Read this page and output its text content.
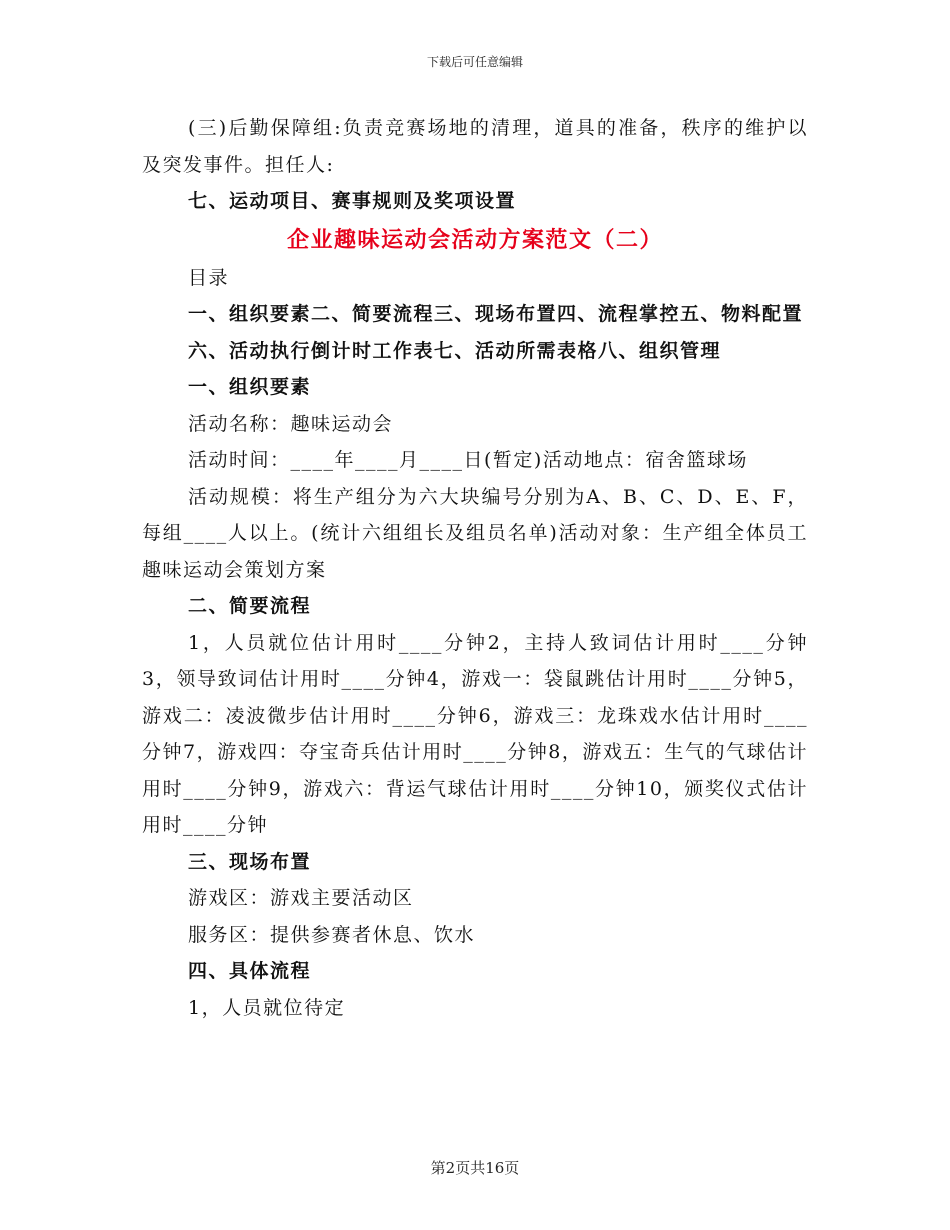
下载后可任意编辑

(三)后勤保障组:负责竞赛场地的清理，道具的准备，秩序的维护以及突发事件。担任人:

七、运动项目、赛事规则及奖项设置

企业趣味运动会活动方案范文（二）

目录

一、组织要素二、简要流程三、现场布置四、流程掌控五、物料配置

六、活动执行倒计时工作表七、活动所需表格八、组织管理

一、组织要素

活动名称：趣味运动会

活动时间：____年____月____日(暂定)活动地点：宿舍篮球场

活动规模：将生产组分为六大块编号分别为A、B、C、D、E、F，每组____人以上。(统计六组组长及组员名单)活动对象：生产组全体员工趣味运动会策划方案

二、简要流程

1，人员就位估计用时____分钟2，主持人致词估计用时____分钟3，领导致词估计用时____分钟4，游戏一：袋鼠跳估计用时____分钟5，游戏二：凌波微步估计用时____分钟6，游戏三：龙珠戏水估计用时____分钟7，游戏四：夺宝奇兵估计用时____分钟8，游戏五：生气的气球估计用时____分钟9，游戏六：背运气球估计用时____分钟10，颁奖仪式估计用时____分钟

三、现场布置

游戏区：游戏主要活动区

服务区：提供参赛者休息、饮水

四、具体流程

1，人员就位待定

第2页共16页
